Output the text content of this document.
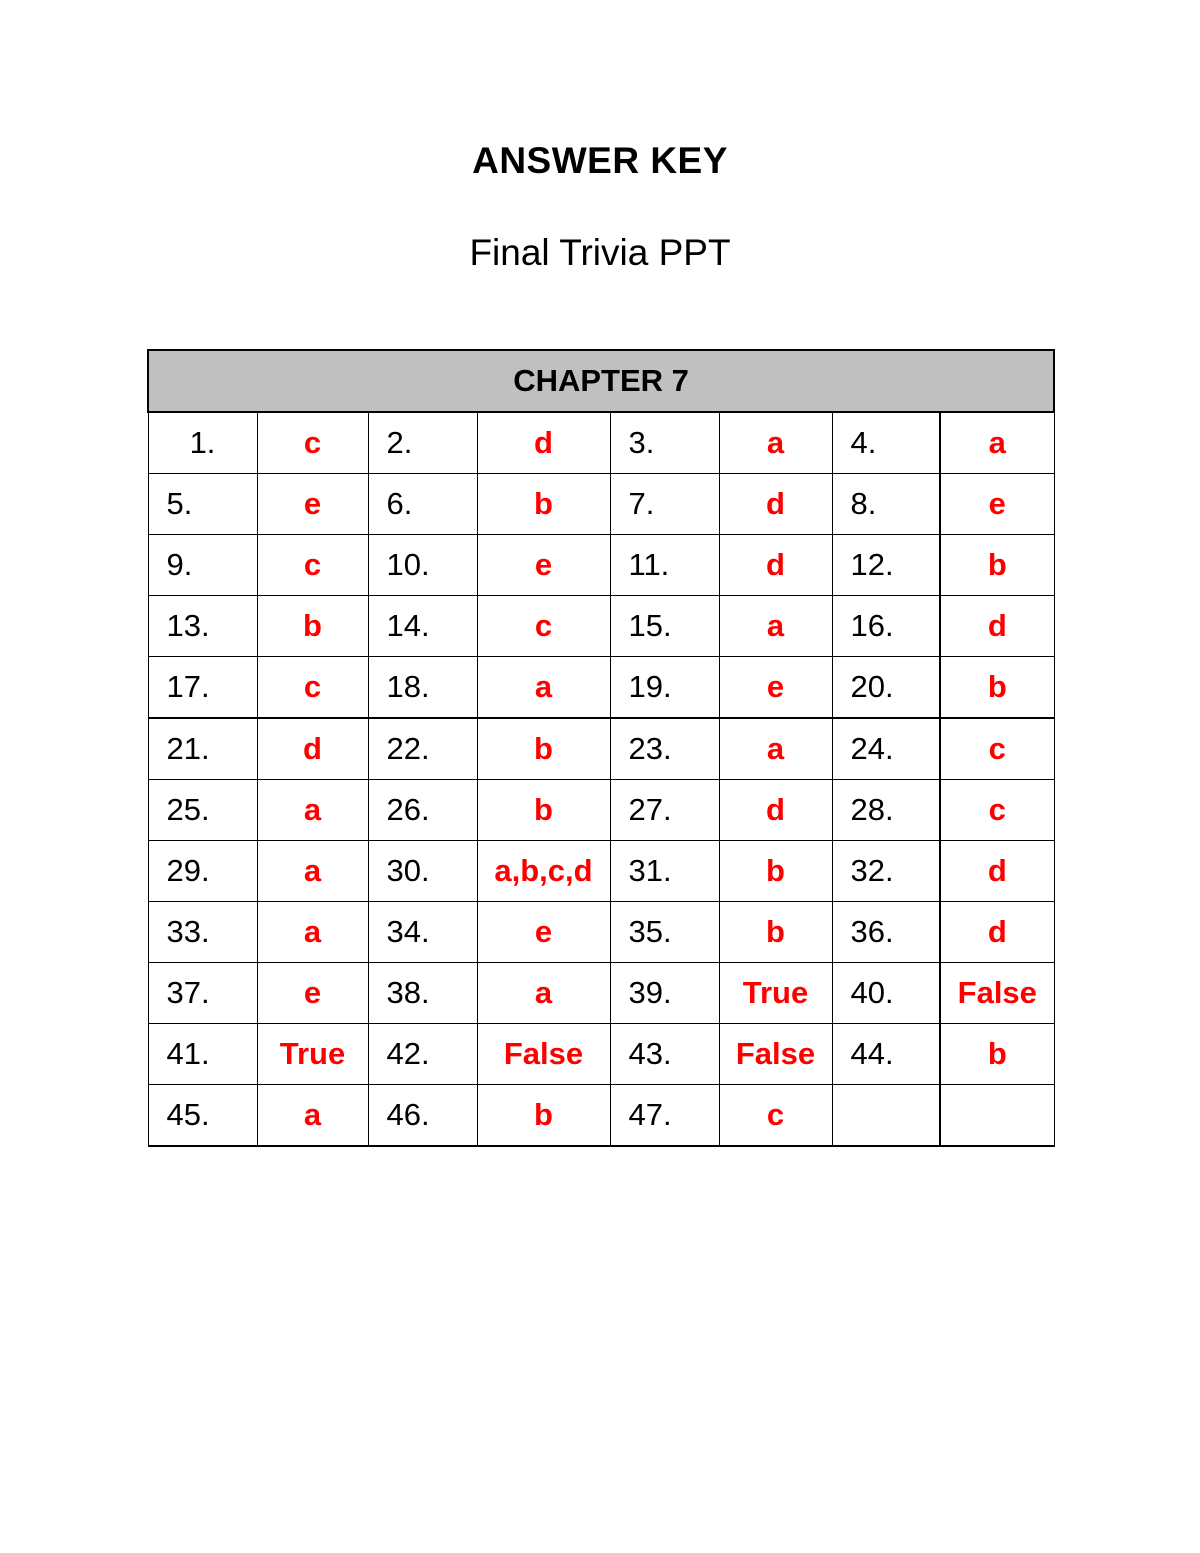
ANSWER KEY
Final Trivia PPT
CHAPTER 7							
1.	c	2.	d	3.	a	4.	a
5.	e	6.	b	7.	d	8.	e
9.	c	10.	e	11.	d	12.	b
13.	b	14.	c	15.	a	16.	d
17.	c	18.	a	19.	e	20.	b
21.	d	22.	b	23.	a	24.	c
25.	a	26.	b	27.	d	28.	c
29.	a	30.	a,b,c,d	31.	b	32.	d
33.	a	34.	e	35.	b	36.	d
37.	e	38.	a	39.	True	40.	False
41.	True	42.	False	43.	False	44.	b
45.	a	46.	b	47.	c		
